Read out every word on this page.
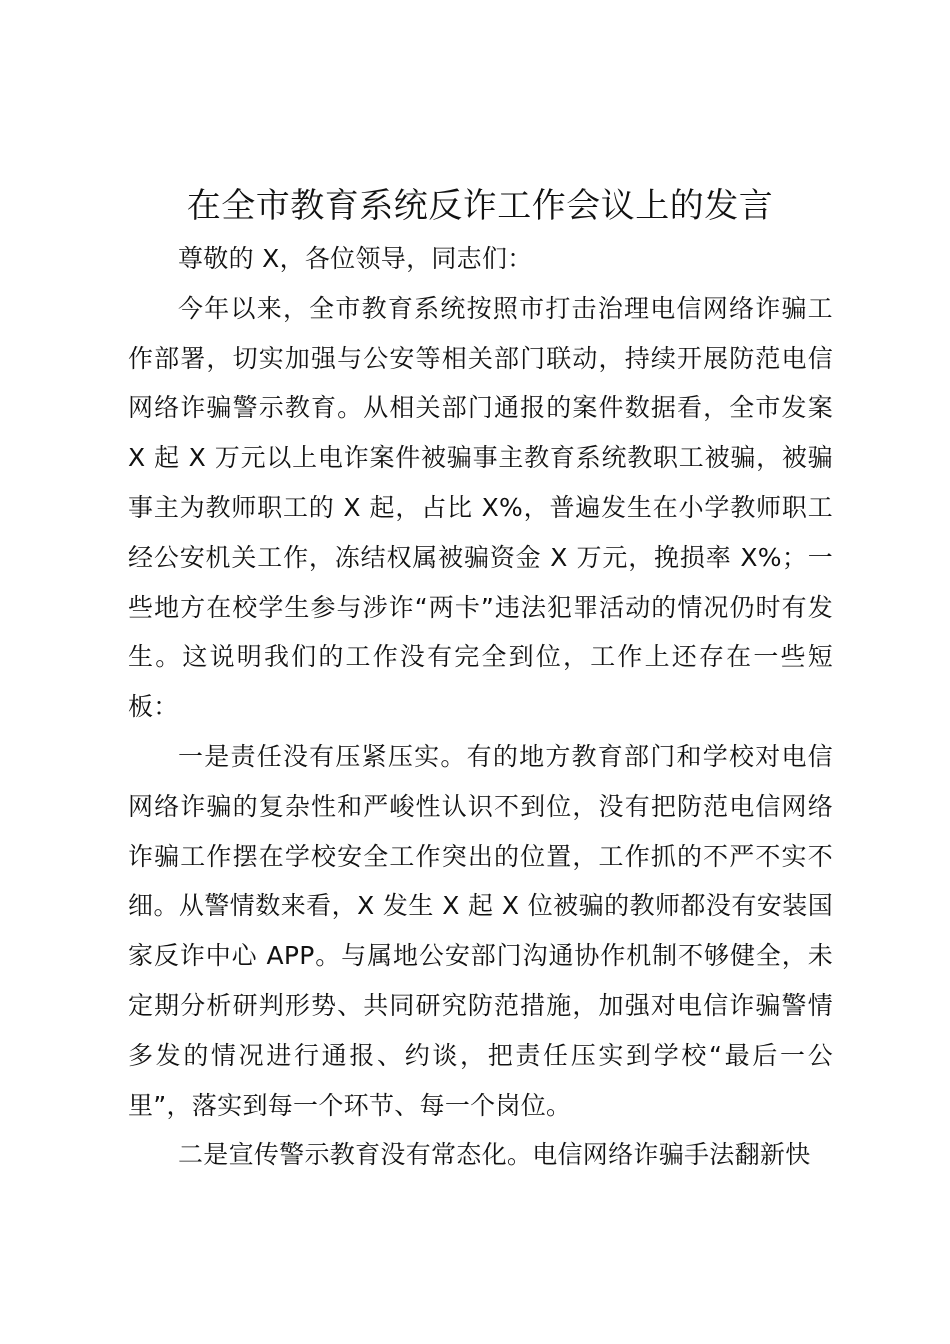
在全市教育系统反诈工作会议上的发言

尊敬的 X，各位领导，同志们：

今年以来，全市教育系统按照市打击治理电信网络诈骗工作部署，切实加强与公安等相关部门联动，持续开展防范电信网络诈骗警示教育。从相关部门通报的案件数据看，全市发案 X 起 X 万元以上电诈案件被骗事主教育系统教职工被骗，被骗事主为教师职工的 X 起，占比 X%，普遍发生在小学教师职工经公安机关工作，冻结权属被骗资金 X 万元，挽损率 X%；一些地方在校学生参与涉诈“两卡”违法犯罪活动的情况仍时有发生。这说明我们的工作没有完全到位，工作上还存在一些短板：

一是责任没有压紧压实。有的地方教育部门和学校对电信网络诈骗的复杂性和严峻性认识不到位，没有把防范电信网络诈骗工作摆在学校安全工作突出的位置，工作抓的不严不实不细。从警情数来看，X 发生 X 起 X 位被骗的教师都没有安装国家反诈中心 APP。与属地公安部门沟通协作机制不够健全，未定期分析研判形势、共同研究防范措施，加强对电信诈骗警情多发的情况进行通报、约谈，把责任压实到学校“最后一公里”，落实到每一个环节、每一个岗位。

二是宣传警示教育没有常态化。电信网络诈骗手法翻新快
